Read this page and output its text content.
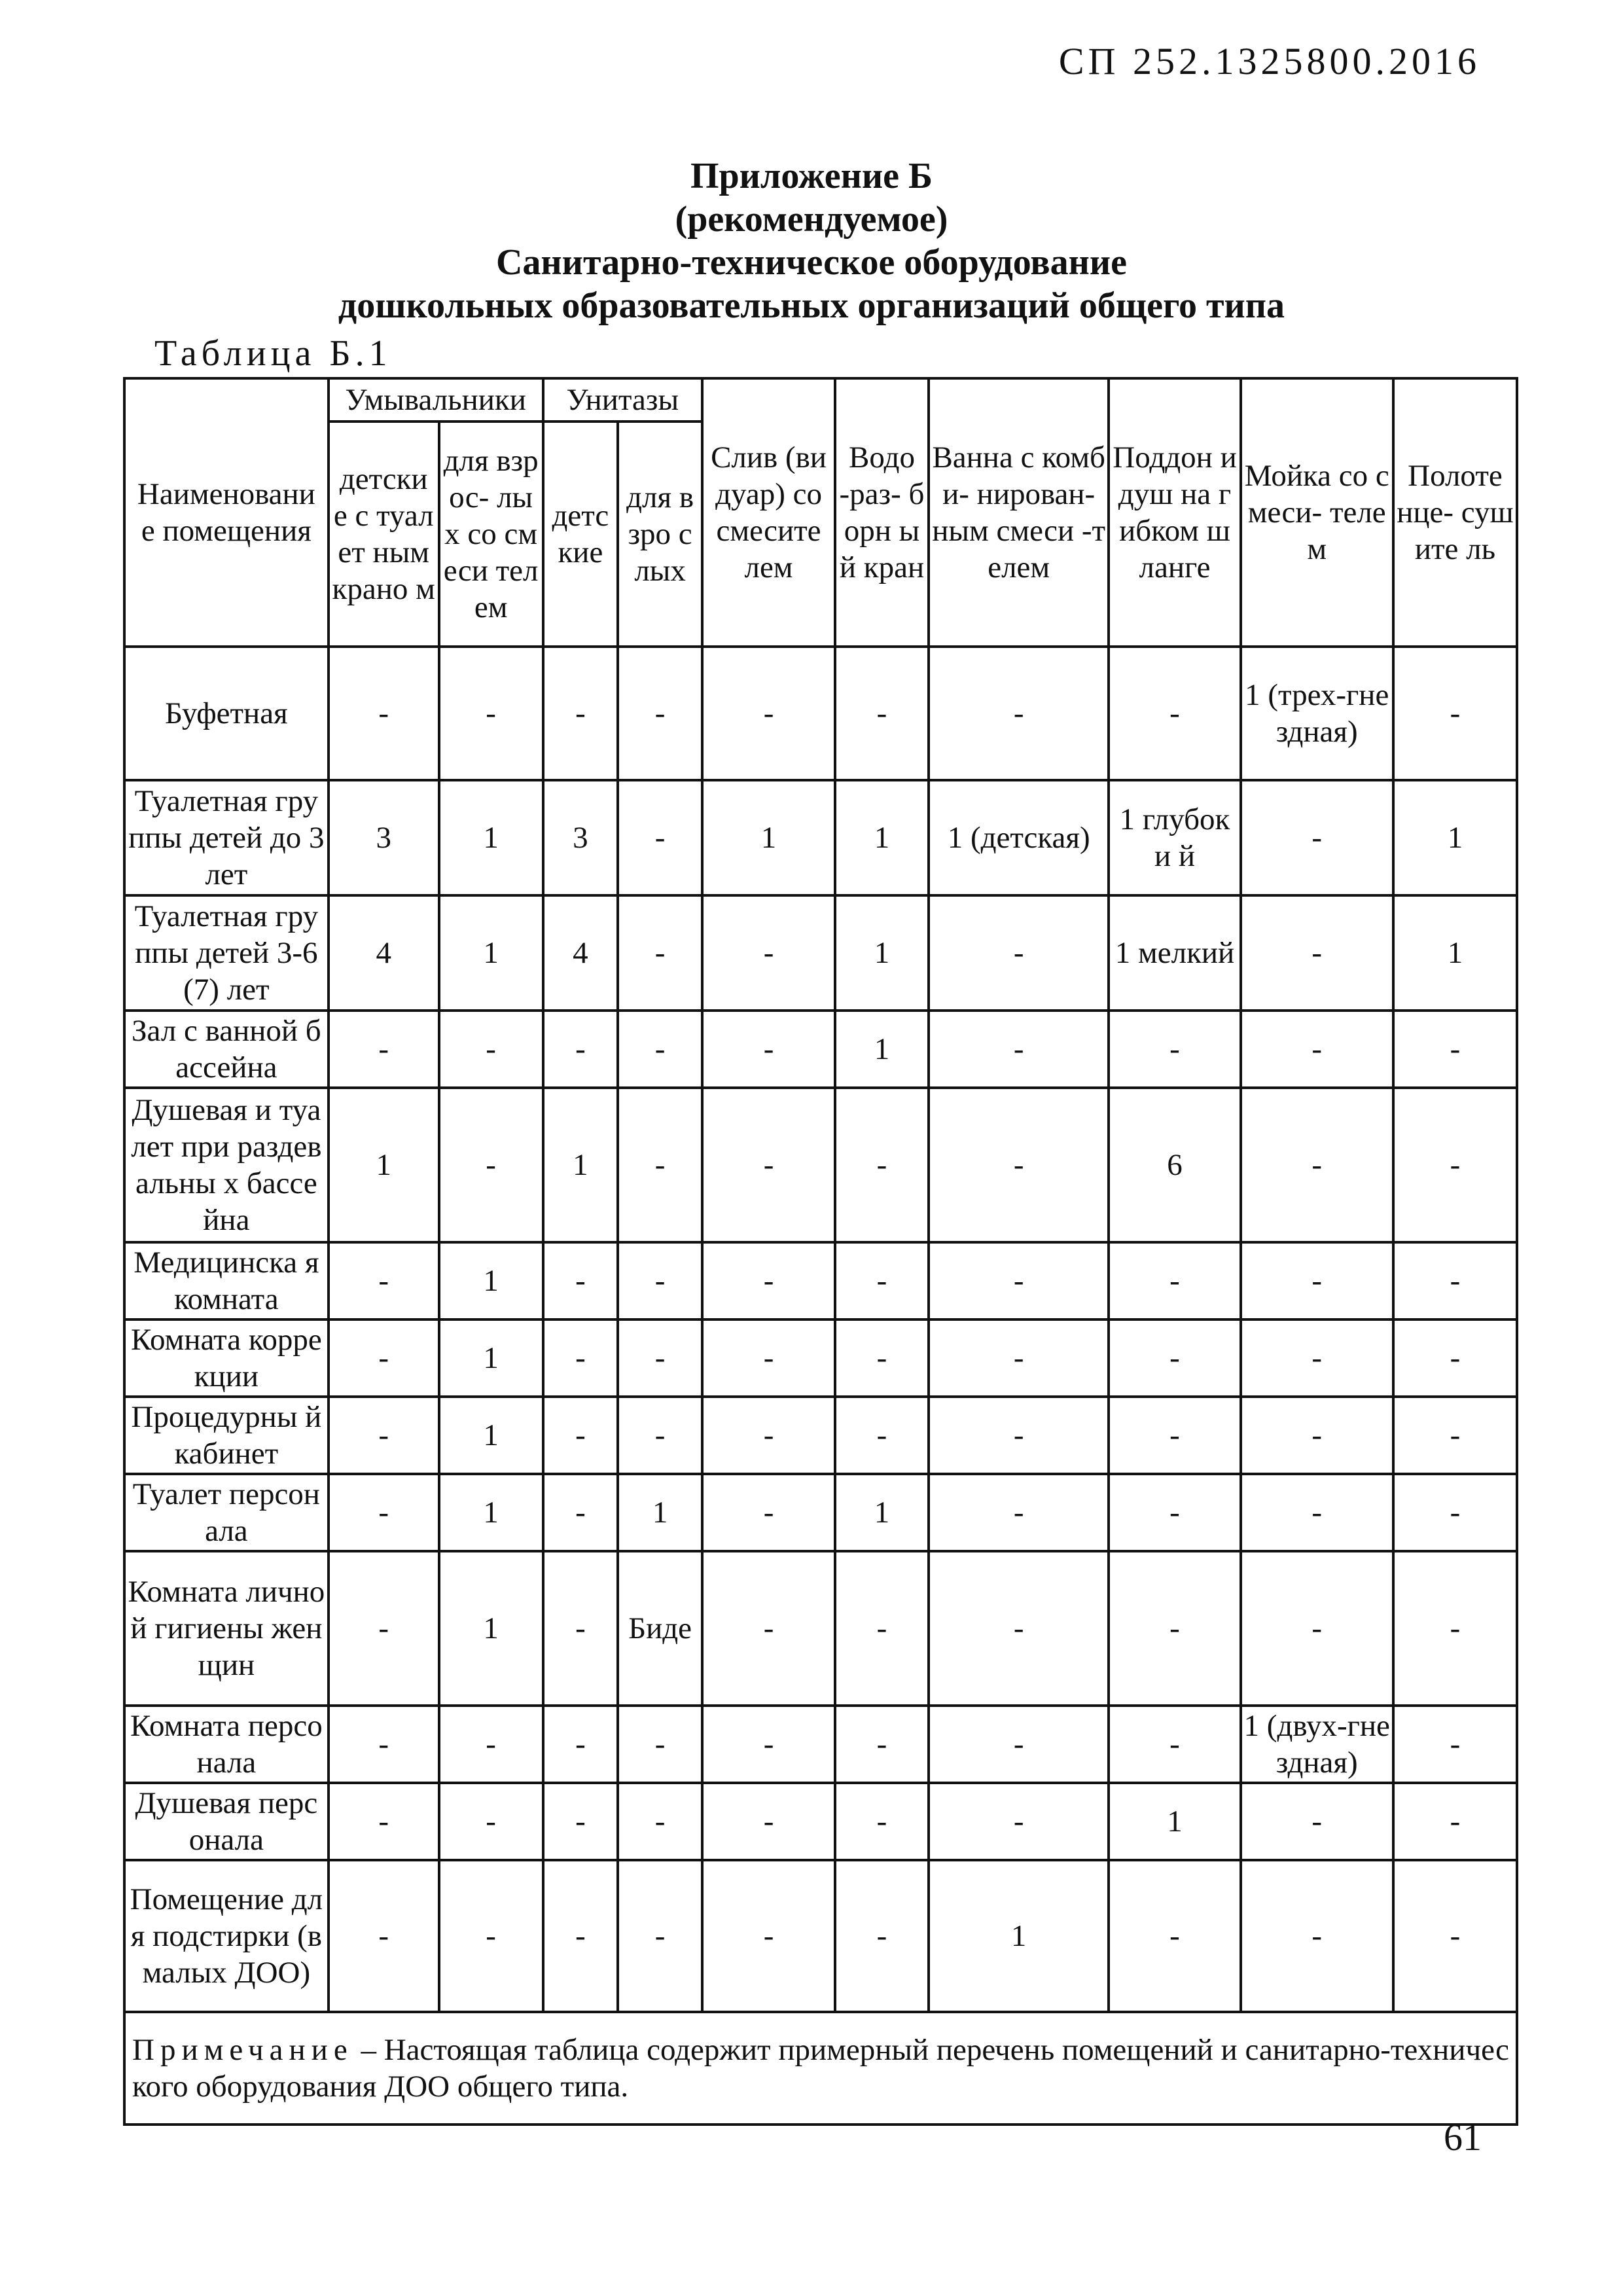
СП 252.1325800.2016
Приложение Б
(рекомендуемое)
Санитарно-техническое оборудование
дошкольных образовательных организаций общего типа
Таблица Б.1
Наименовани е помещения	Умывальники		Унитазы		Слив (видуар) со смесите лем	Водо -раз- борн ый кран	Ванна с комби- нирован- ным смеси -телем	Поддон и душ на гибком шланге	Мойка со смеси- телем	Полоте нце- сушите ль
	детски е с туалет ным крано м	для взрос- лых со смеси телем	детс кие	для взро слых						
Буфетная	-	-	-	-	-	-	-	-	1 (трех-гнездная)	-
Туалетная группы детей до 3 лет	3	1	3	-	1	1	1 (детская)	1 глубоки й	-	1
Туалетная группы детей 3-6 (7) лет	4	1	4	-	-	1	-	1 мелкий	-	1
Зал с ванной бассейна	-	-	-	-	-	1	-	-	-	-
Душевая и туалет при раздевальны х бассейна	1	-	1	-	-	-	-	6	-	-
Медицинска я комната	-	1	-	-	-	-	-	-	-	-
Комната коррекции	-	1	-	-	-	-	-	-	-	-
Процедурны й кабинет	-	1	-	-	-	-	-	-	-	-
Туалет персонала	-	1	-	1	-	1	-	-	-	-
Комната личной гигиены женщин	-	1	-	Биде	-	-	-	-	-	-
Комната персонала	-	-	-	-	-	-	-	-	1 (двух-гнездная)	-
Душевая персонала	-	-	-	-	-	-	-	1	-	-
Помещение для подстирки (в малых ДОО)	-	-	-	-	-	-	1	-	-	-
Примечание – Настоящая таблица содержит примерный перечень помещений и санитарно-технического оборудования ДОО общего типа.										
61
